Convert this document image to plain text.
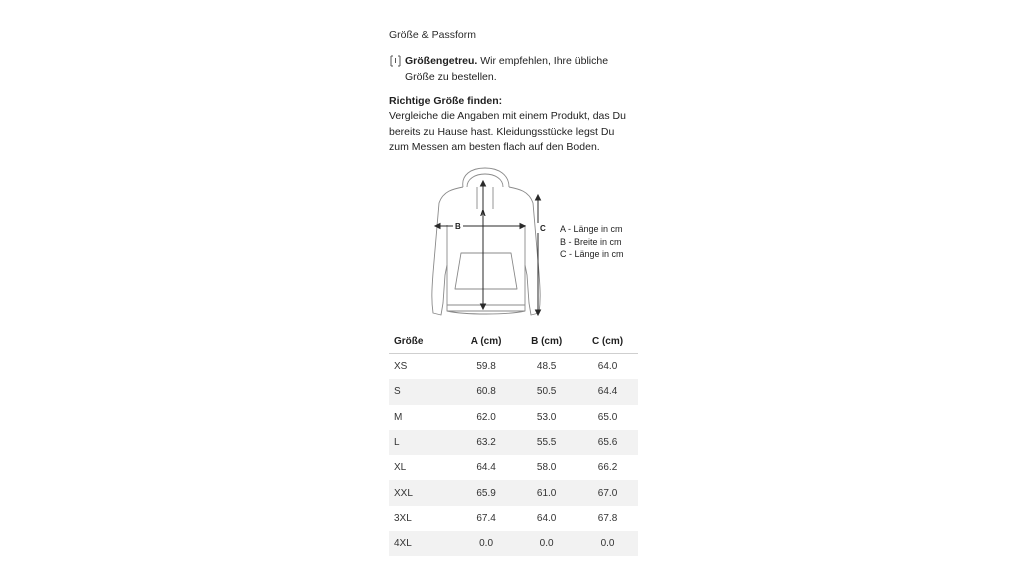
Größe & Passform
Größengetreu. Wir empfehlen, Ihre übliche Größe zu bestellen.
Richtige Größe finden:
Vergleiche die Angaben mit einem Produkt, das Du bereits zu Hause hast. Kleidungsstücke legst Du zum Messen am besten flach auf den Boden.
A
B	C A - Länge in cm
B - Breite in cm
C - Länge in cm
Größe	A (cm)	B (cm)	C (cm)
XS	59.8	48.5	64.0
S	60.8	50.5	64.4
M	62.0	53.0	65.0
L	63.2	55.5	65.6
XL	64.4	58.0	66.2
XXL	65.9	61.0	67.0
3XL	67.4	64.0	67.8
4XL	0.0	0.0	0.0
